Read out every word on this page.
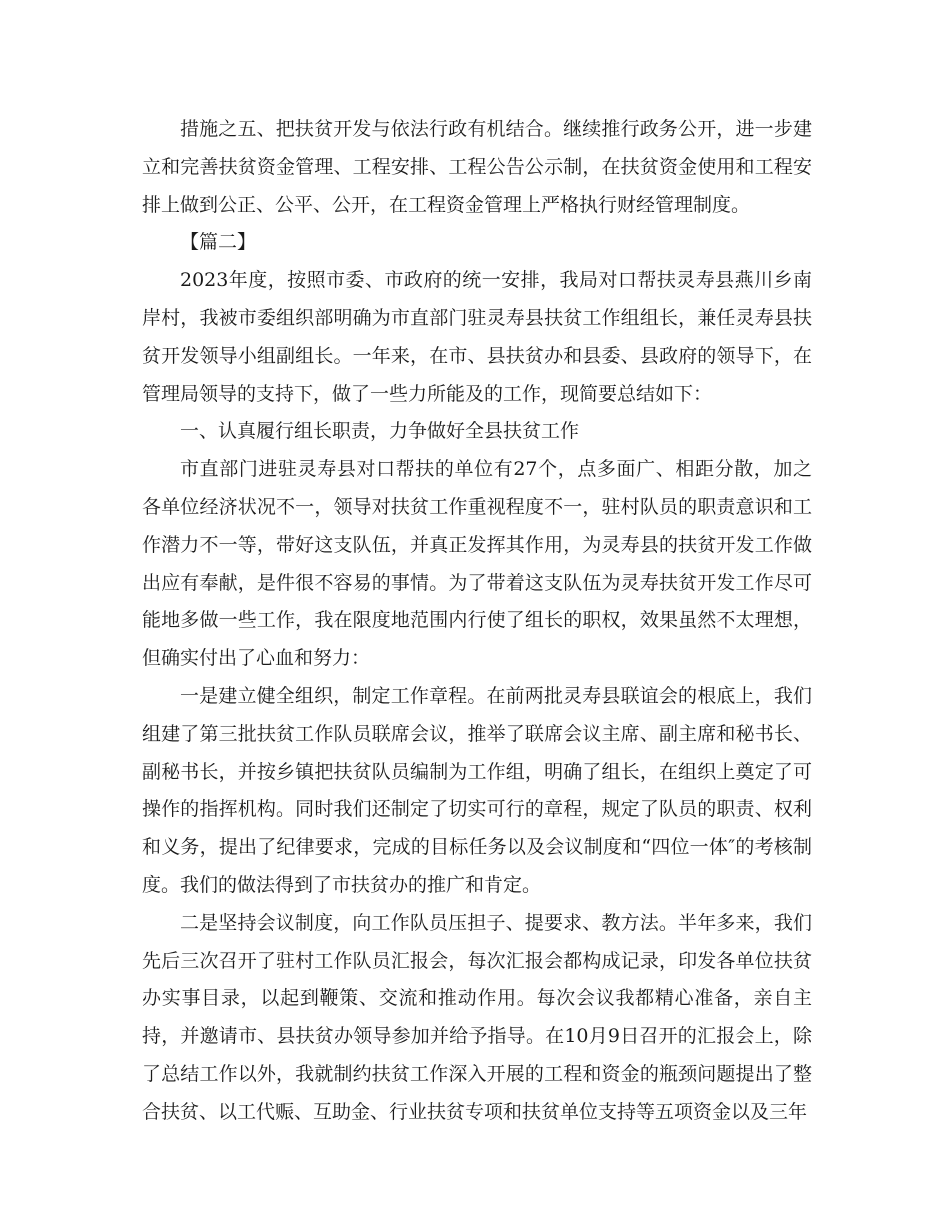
措施之五、把扶贫开发与依法行政有机结合。继续推行政务公开，进一步建立和完善扶贫资金管理、工程安排、工程公告公示制，在扶贫资金使用和工程安排上做到公正、公平、公开，在工程资金管理上严格执行财经管理制度。

【篇二】

2023年度，按照市委、市政府的统一安排，我局对口帮扶灵寿县燕川乡南岸村，我被市委组织部明确为市直部门驻灵寿县扶贫工作组组长，兼任灵寿县扶贫开发领导小组副组长。一年来，在市、县扶贫办和县委、县政府的领导下，在管理局领导的支持下，做了一些力所能及的工作，现简要总结如下：

一、认真履行组长职责，力争做好全县扶贫工作

市直部门进驻灵寿县对口帮扶的单位有27个，点多面广、相距分散，加之各单位经济状况不一，领导对扶贫工作重视程度不一，驻村队员的职责意识和工作潜力不一等，带好这支队伍，并真正发挥其作用，为灵寿县的扶贫开发工作做出应有奉献，是件很不容易的事情。为了带着这支队伍为灵寿扶贫开发工作尽可能地多做一些工作，我在限度地范围内行使了组长的职权，效果虽然不太理想，但确实付出了心血和努力：

一是建立健全组织，制定工作章程。在前两批灵寿县联谊会的根底上，我们组建了第三批扶贫工作队员联席会议，推举了联席会议主席、副主席和秘书长、副秘书长，并按乡镇把扶贫队员编制为工作组，明确了组长，在组织上奠定了可操作的指挥机构。同时我们还制定了切实可行的章程，规定了队员的职责、权利和义务，提出了纪律要求，完成的目标任务以及会议制度和“四位一体″的考核制度。我们的做法得到了市扶贫办的推广和肯定。

二是坚持会议制度，向工作队员压担子、提要求、教方法。半年多来，我们先后三次召开了驻村工作队员汇报会，每次汇报会都构成记录，印发各单位扶贫办实事目录，以起到鞭策、交流和推动作用。每次会议我都精心准备，亲自主持，并邀请市、县扶贫办领导参加并给予指导。在10月9日召开的汇报会上，除了总结工作以外，我就制约扶贫工作深入开展的工程和资金的瓶颈问题提出了整合扶贫、以工代赈、互助金、行业扶贫专项和扶贫单位支持等五项资金以及三年
